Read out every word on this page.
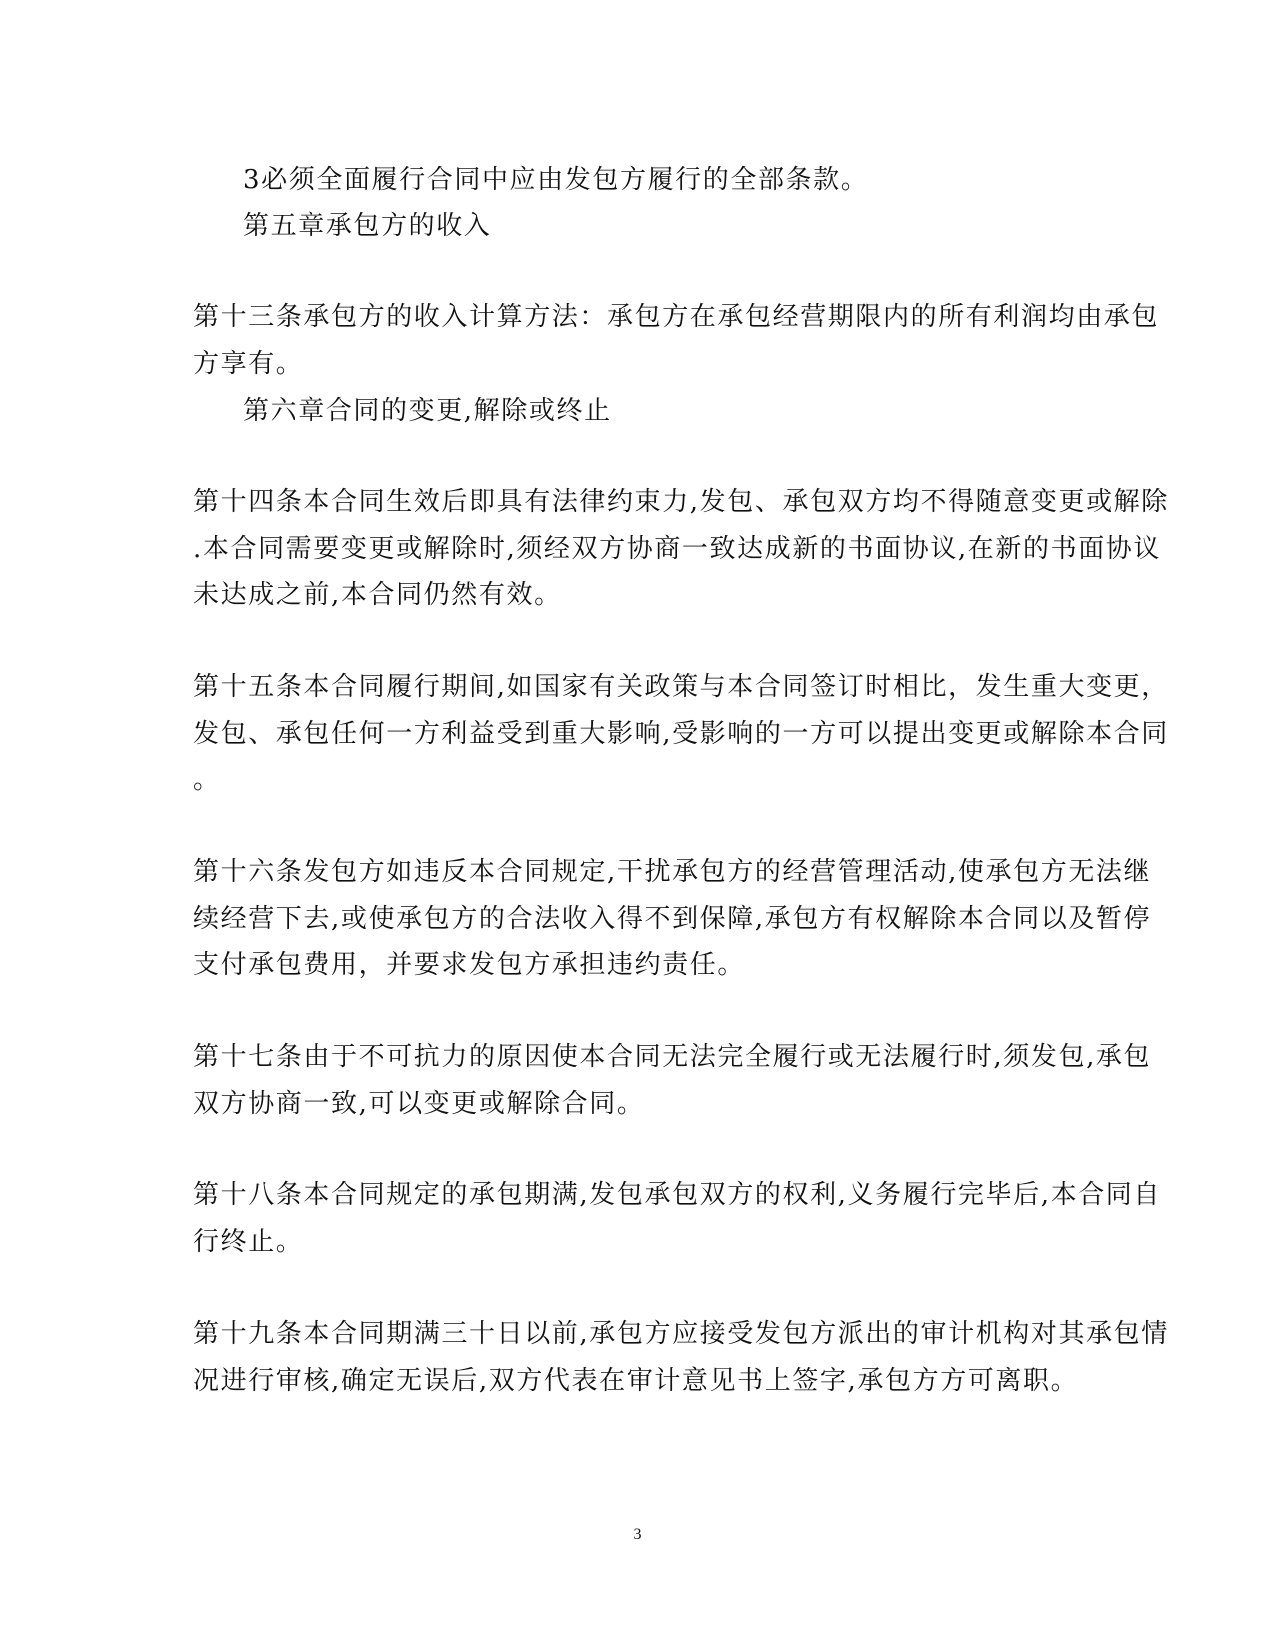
3必须全面履行合同中应由发包方履行的全部条款。
第五章承包方的收入
第十三条承包方的收入计算方法：承包方在承包经营期限内的所有利润均由承包
方享有。
第六章合同的变更,解除或终止
第十四条本合同生效后即具有法律约束力,发包、承包双方均不得随意变更或解除
.本合同需要变更或解除时,须经双方协商一致达成新的书面协议,在新的书面协议
未达成之前,本合同仍然有效。
第十五条本合同履行期间,如国家有关政策与本合同签订时相比，发生重大变更，
发包、承包任何一方利益受到重大影响,受影响的一方可以提出变更或解除本合同
。
第十六条发包方如违反本合同规定,干扰承包方的经营管理活动,使承包方无法继
续经营下去,或使承包方的合法收入得不到保障,承包方有权解除本合同以及暂停
支付承包费用，并要求发包方承担违约责任。
第十七条由于不可抗力的原因使本合同无法完全履行或无法履行时,须发包,承包
双方协商一致,可以变更或解除合同。
第十八条本合同规定的承包期满,发包承包双方的权利,义务履行完毕后,本合同自
行终止。
第十九条本合同期满三十日以前,承包方应接受发包方派出的审计机构对其承包情
况进行审核,确定无误后,双方代表在审计意见书上签字,承包方方可离职。
3
